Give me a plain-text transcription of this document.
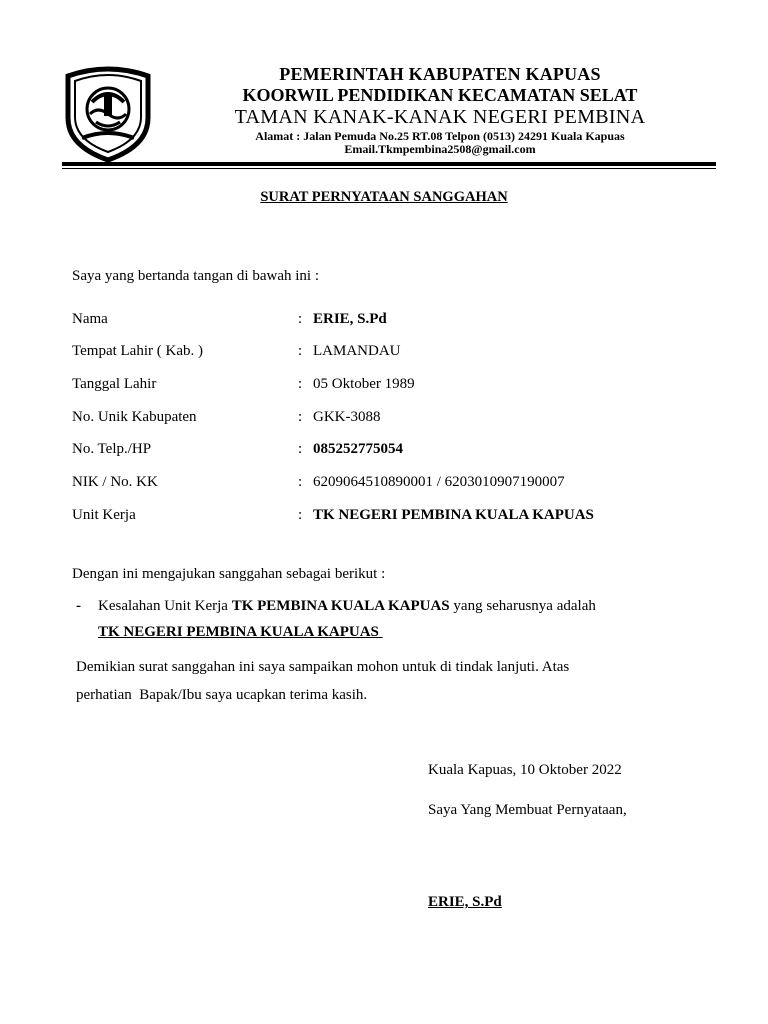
PEMERINTAH KABUPATEN KAPUAS
KOORWIL PENDIDIKAN KECAMATAN SELAT
TAMAN KANAK-KANAK NEGERI PEMBINA
Alamat : Jalan Pemuda No.25 RT.08 Telpon (0513) 24291 Kuala Kapuas
Email.Tkmpembina2508@gmail.com
SURAT PERNYATAAN SANGGAHAN
Saya yang bertanda tangan di bawah ini :
Nama	: ERIE, S.Pd
Tempat Lahir ( Kab. )	: LAMANDAU
Tanggal Lahir	: 05 Oktober 1989
No. Unik Kabupaten	: GKK-3088
No. Telp./HP	: 085252775054
NIK / No. KK	: 6209064510890001 / 6203010907190007
Unit Kerja	: TK NEGERI PEMBINA KUALA KAPUAS
Dengan ini mengajukan sanggahan sebagai berikut :
- Kesalahan Unit Kerja TK PEMBINA KUALA KAPUAS yang seharusnya adalah
TK NEGERI PEMBINA KUALA KAPUAS
Demikian surat sanggahan ini saya sampaikan mohon untuk di tindak lanjuti. Atas
perhatian  Bapak/Ibu saya ucapkan terima kasih.
Kuala Kapuas, 10 Oktober 2022
Saya Yang Membuat Pernyataan,
ERIE, S.Pd
